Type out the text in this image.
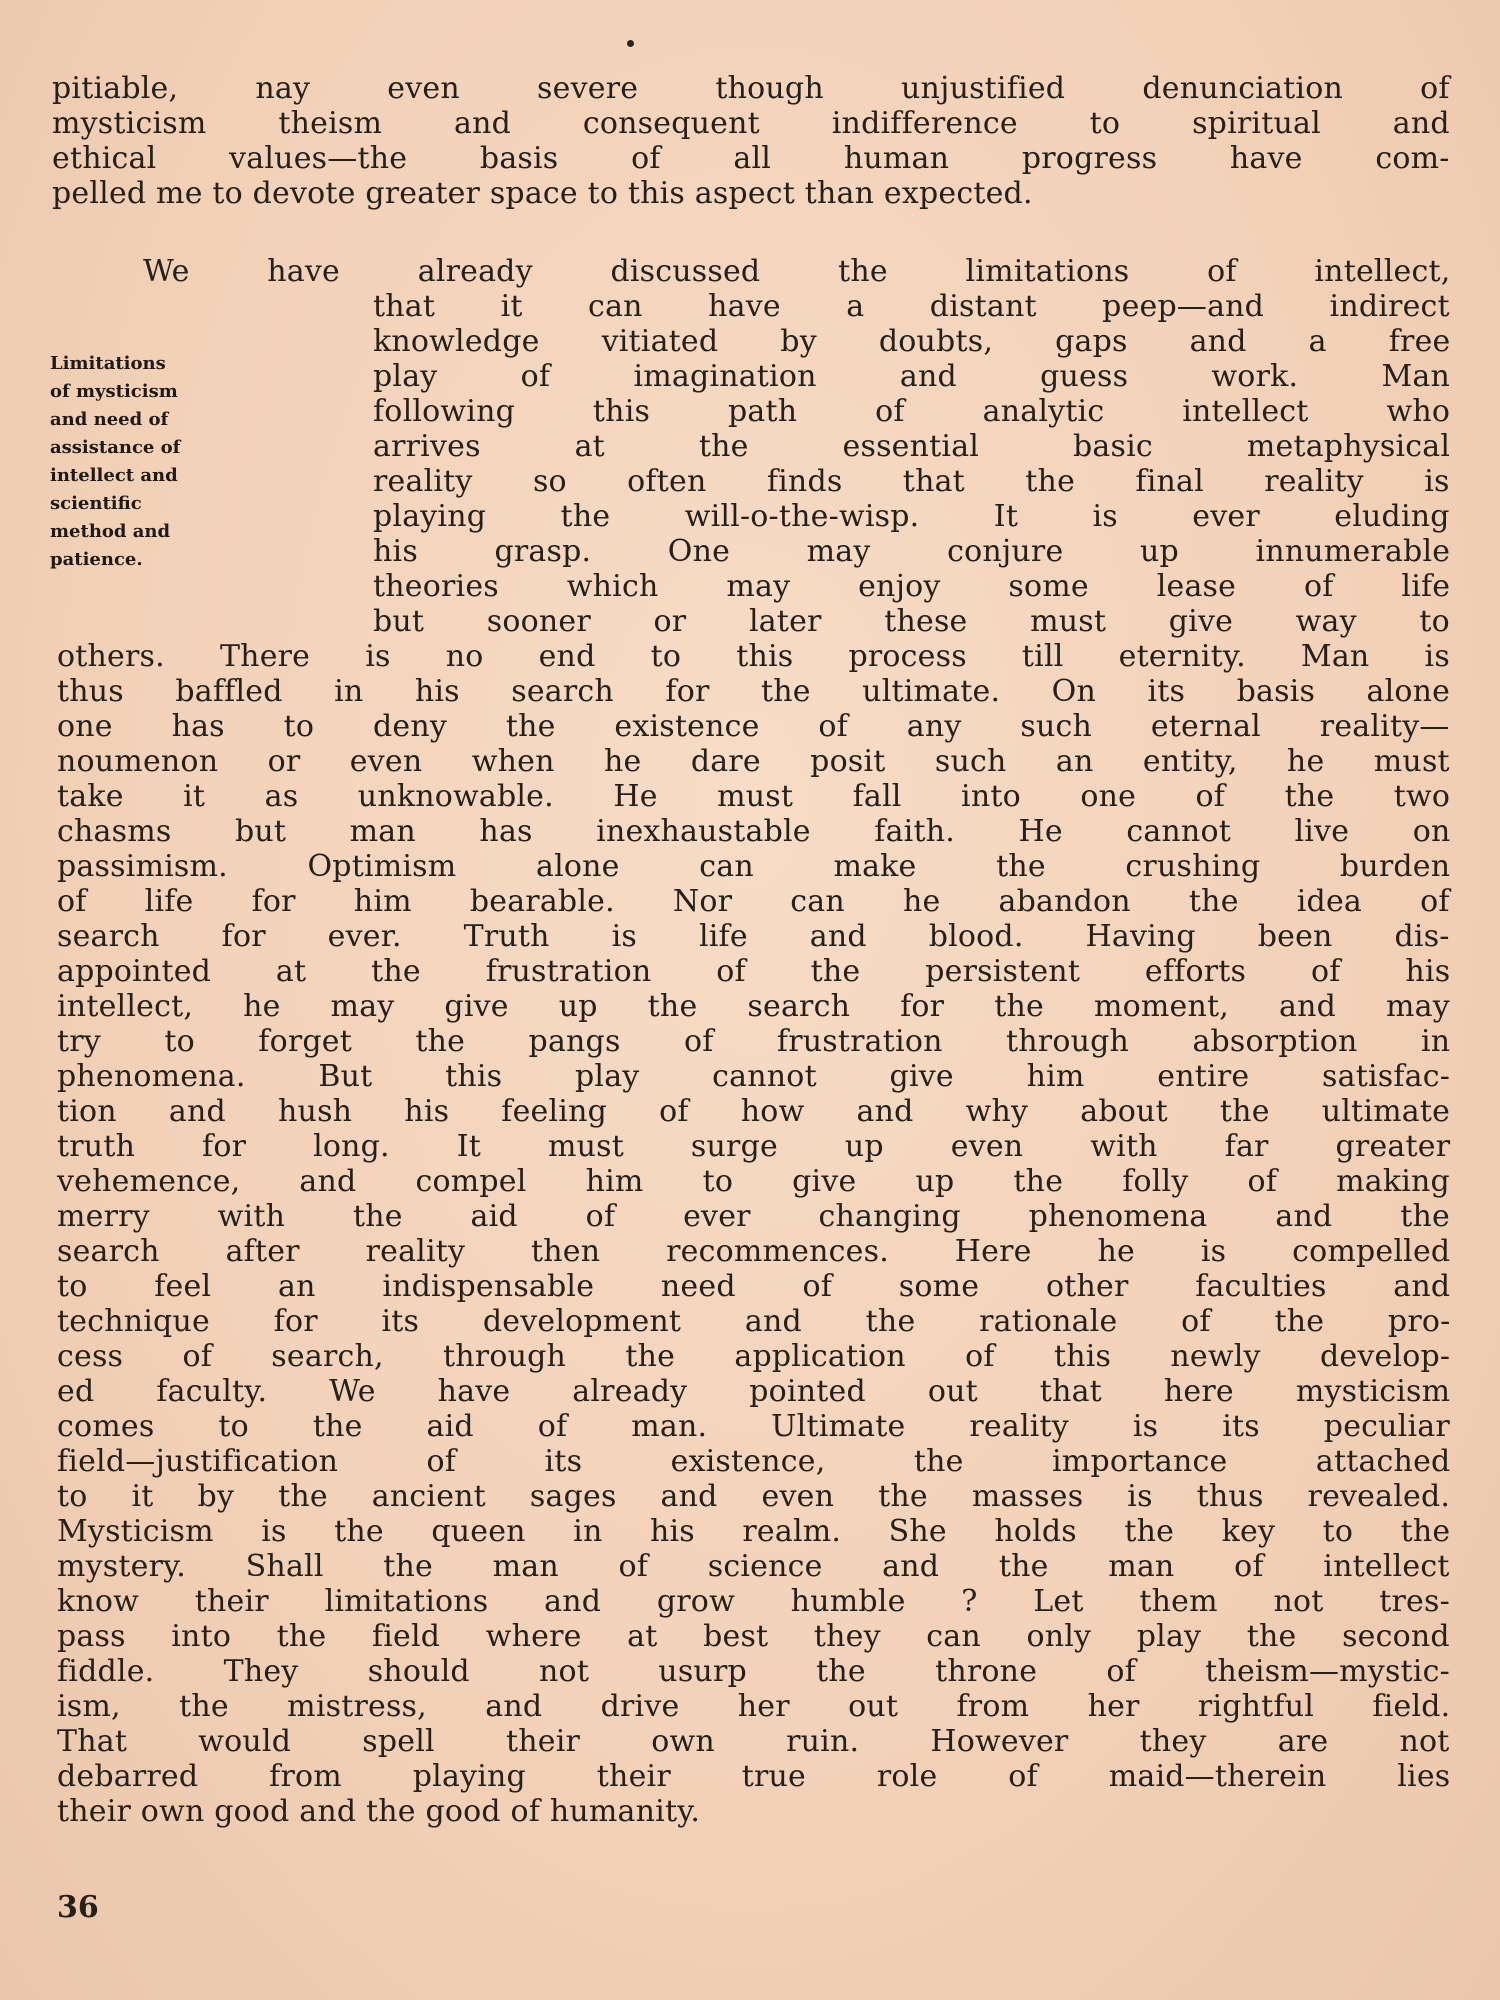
pitiable, nay even severe though unjustified denunciation of
mysticism theism and consequent indifference to spiritual and
ethical values—the basis of all human progress have com-
pelled me to devote greater space to this aspect than expected.
We have already discussed the limitations of intellect,
that it can have a distant peep—and indirect
knowledge vitiated by doubts, gaps and a free
play of imagination and guess work. Man
following this path of analytic intellect who
arrives at the essential basic metaphysical
reality so often finds that the final reality is
playing the will-o-the-wisp. It is ever eluding
his grasp. One may conjure up innumerable
theories which may enjoy some lease of life
but sooner or later these must give way to
Limitations
of mysticism
and need of
assistance of
intellect and
scientific
method and
patience.
others. There is no end to this process till eternity. Man is
thus baffled in his search for the ultimate. On its basis alone
one has to deny the existence of any such eternal reality—
noumenon or even when he dare posit such an entity, he must
take it as unknowable. He must fall into one of the two
chasms but man has inexhaustable faith. He cannot live on
passimism. Optimism alone can make the crushing burden
of life for him bearable. Nor can he abandon the idea of
search for ever. Truth is life and blood. Having been dis-
appointed at the frustration of the persistent efforts of his
intellect, he may give up the search for the moment, and may
try to forget the pangs of frustration through absorption in
phenomena. But this play cannot give him entire satisfac-
tion and hush his feeling of how and why about the ultimate
truth for long. It must surge up even with far greater
vehemence, and compel him to give up the folly of making
merry with the aid of ever changing phenomena and the
search after reality then recommences. Here he is compelled
to feel an indispensable need of some other faculties and
technique for its development and the rationale of the pro-
cess of search, through the application of this newly develop-
ed faculty. We have already pointed out that here mysticism
comes to the aid of man. Ultimate reality is its peculiar
field—justification of its existence, the importance attached
to it by the ancient sages and even the masses is thus revealed.
Mysticism is the queen in his realm. She holds the key to the
mystery. Shall the man of science and the man of intellect
know their limitations and grow humble ? Let them not tres-
pass into the field where at best they can only play the second
fiddle. They should not usurp the throne of theism—mystic-
ism, the mistress, and drive her out from her rightful field.
That would spell their own ruin. However they are not
debarred from playing their true role of maid—therein lies
their own good and the good of humanity.
36
